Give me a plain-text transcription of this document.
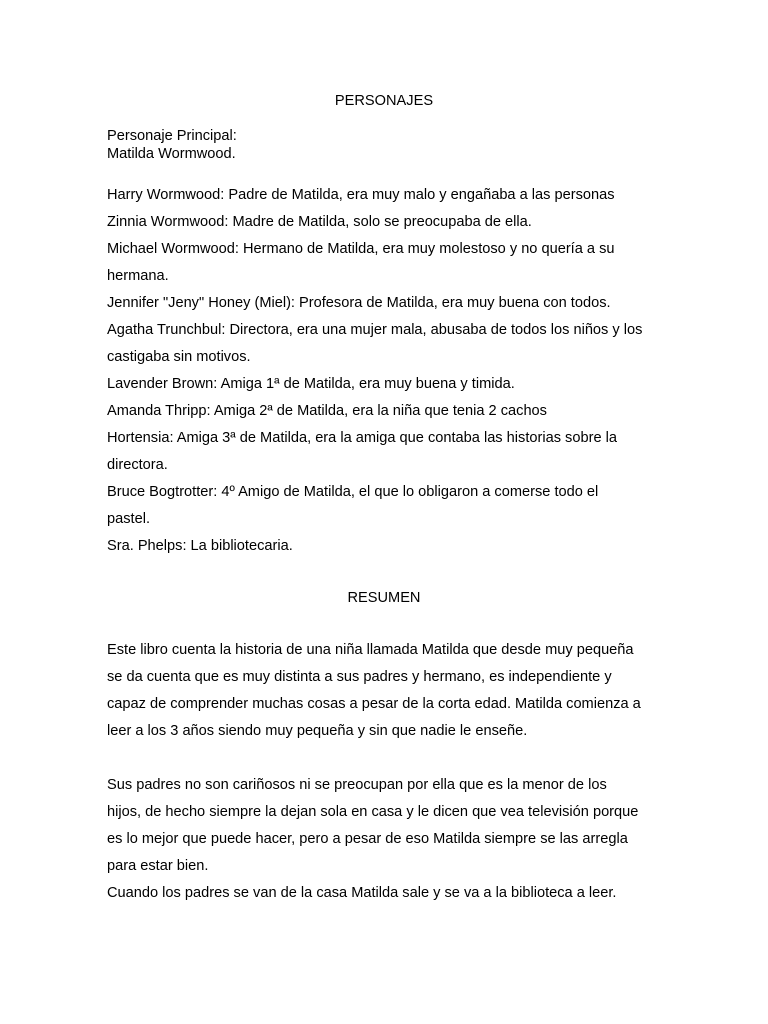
PERSONAJES
Personaje Principal:
Matilda Wormwood.
Harry Wormwood: Padre de Matilda, era muy malo y engañaba a las personas
Zinnia Wormwood: Madre de Matilda, solo se preocupaba de ella.
Michael Wormwood: Hermano de Matilda, era muy molestoso y no quería a su
hermana.
Jennifer "Jeny" Honey (Miel): Profesora de Matilda, era muy buena con todos.
Agatha Trunchbul: Directora, era una mujer mala, abusaba de todos los niños y los
castigaba sin motivos.
Lavender Brown: Amiga 1ª de Matilda, era muy buena y timida.
Amanda Thripp: Amiga 2ª de Matilda, era la niña que tenia 2 cachos
Hortensia: Amiga 3ª de Matilda, era la amiga que contaba las historias sobre la
directora.
Bruce Bogtrotter: 4º Amigo de Matilda, el que lo obligaron a comerse todo el
pastel.
Sra. Phelps: La bibliotecaria.
RESUMEN
Este libro cuenta la historia de una niña llamada Matilda que desde muy pequeña
se da cuenta que es muy distinta a sus padres y hermano, es independiente y
capaz de comprender muchas cosas a pesar de la corta edad. Matilda comienza a
leer a los 3 años siendo muy pequeña y sin que nadie le enseñe.
Sus padres no son cariñosos ni se preocupan por ella que es la menor de los
hijos, de hecho siempre la dejan sola en casa y le dicen que vea televisión porque
es lo mejor que puede hacer, pero a pesar de eso Matilda siempre se las arregla
para estar bien.
Cuando los padres se van de la casa Matilda sale y se va a la biblioteca a leer.
